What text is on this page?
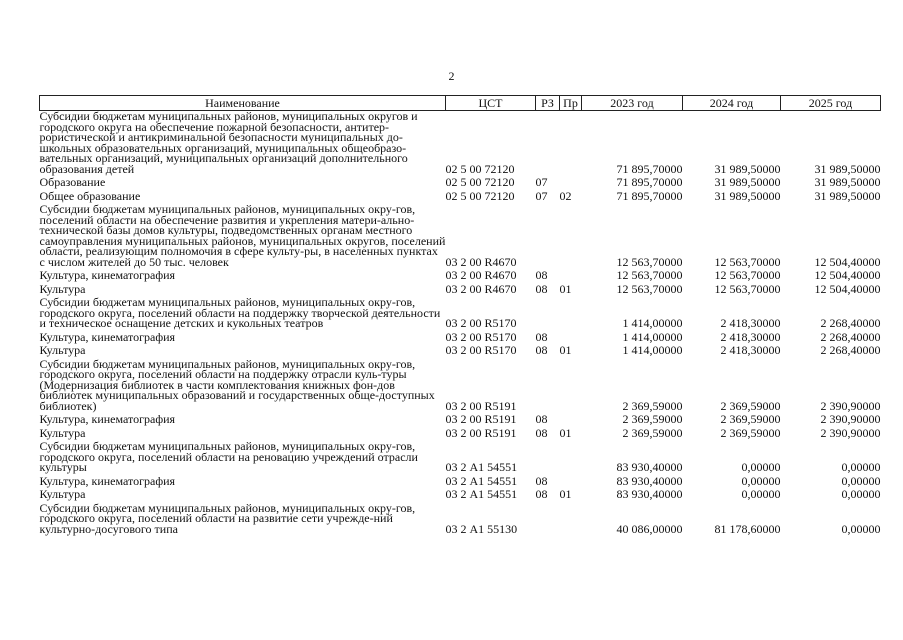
2
Наименование	ЦСТ	РЗ	Пр	2023 год	2024 год	2025 год
Субсидии бюджетам муниципальных районов, муниципальных округов и городского округа на обеспечение пожарной безопасности, антитер-рористической и антикриминальной безопасности муниципальных до-школьных образовательных организаций, муниципальных общеобразо-вательных организаций, муниципальных организаций дополнительного образования детей	02 5 00 72120			71 895,70000	31 989,50000	31 989,50000
Образование	02 5 00 72120	07		71 895,70000	31 989,50000	31 989,50000
Общее образование	02 5 00 72120	07	02	71 895,70000	31 989,50000	31 989,50000
Субсидии бюджетам муниципальных районов, муниципальных окру-гов, поселений области на обеспечение развития и укрепления матери-ально-технической базы домов культуры, подведомственных органам местного самоуправления муниципальных районов, муниципальных округов, поселений области, реализующим полномочия в сфере культу-ры, в населенных пунктах с числом жителей до 50 тыс. человек	03 2 00 R4670			12 563,70000	12 563,70000	12 504,40000
Культура, кинематография	03 2 00 R4670	08		12 563,70000	12 563,70000	12 504,40000
Культура	03 2 00 R4670	08	01	12 563,70000	12 563,70000	12 504,40000
Субсидии бюджетам муниципальных районов, муниципальных окру-гов, городского округа, поселений области на поддержку творческой деятельности и техническое оснащение детских и кукольных театров	03 2 00 R5170			1 414,00000	2 418,30000	2 268,40000
Культура, кинематография	03 2 00 R5170	08		1 414,00000	2 418,30000	2 268,40000
Культура	03 2 00 R5170	08	01	1 414,00000	2 418,30000	2 268,40000
Субсидии бюджетам муниципальных районов, муниципальных окру-гов, городского округа, поселений области на поддержку отрасли куль-туры (Модернизация библиотек в части комплектования книжных фон-дов библиотек муниципальных образований и государственных обще-доступных библиотек)	03 2 00 R5191			2 369,59000	2 369,59000	2 390,90000
Культура, кинематография	03 2 00 R5191	08		2 369,59000	2 369,59000	2 390,90000
Культура	03 2 00 R5191	08	01	2 369,59000	2 369,59000	2 390,90000
Субсидии бюджетам муниципальных районов, муниципальных окру-гов, городского округа, поселений области на реновацию учреждений отрасли культуры	03 2 А1 54551			83 930,40000	0,00000	0,00000
Культура, кинематография	03 2 А1 54551	08		83 930,40000	0,00000	0,00000
Культура	03 2 А1 54551	08	01	83 930,40000	0,00000	0,00000
Субсидии бюджетам муниципальных районов, муниципальных окру-гов, городского округа, поселений области на развитие сети учрежде-ний культурно-досугового типа	03 2 А1 55130			40 086,00000	81 178,60000	0,00000
